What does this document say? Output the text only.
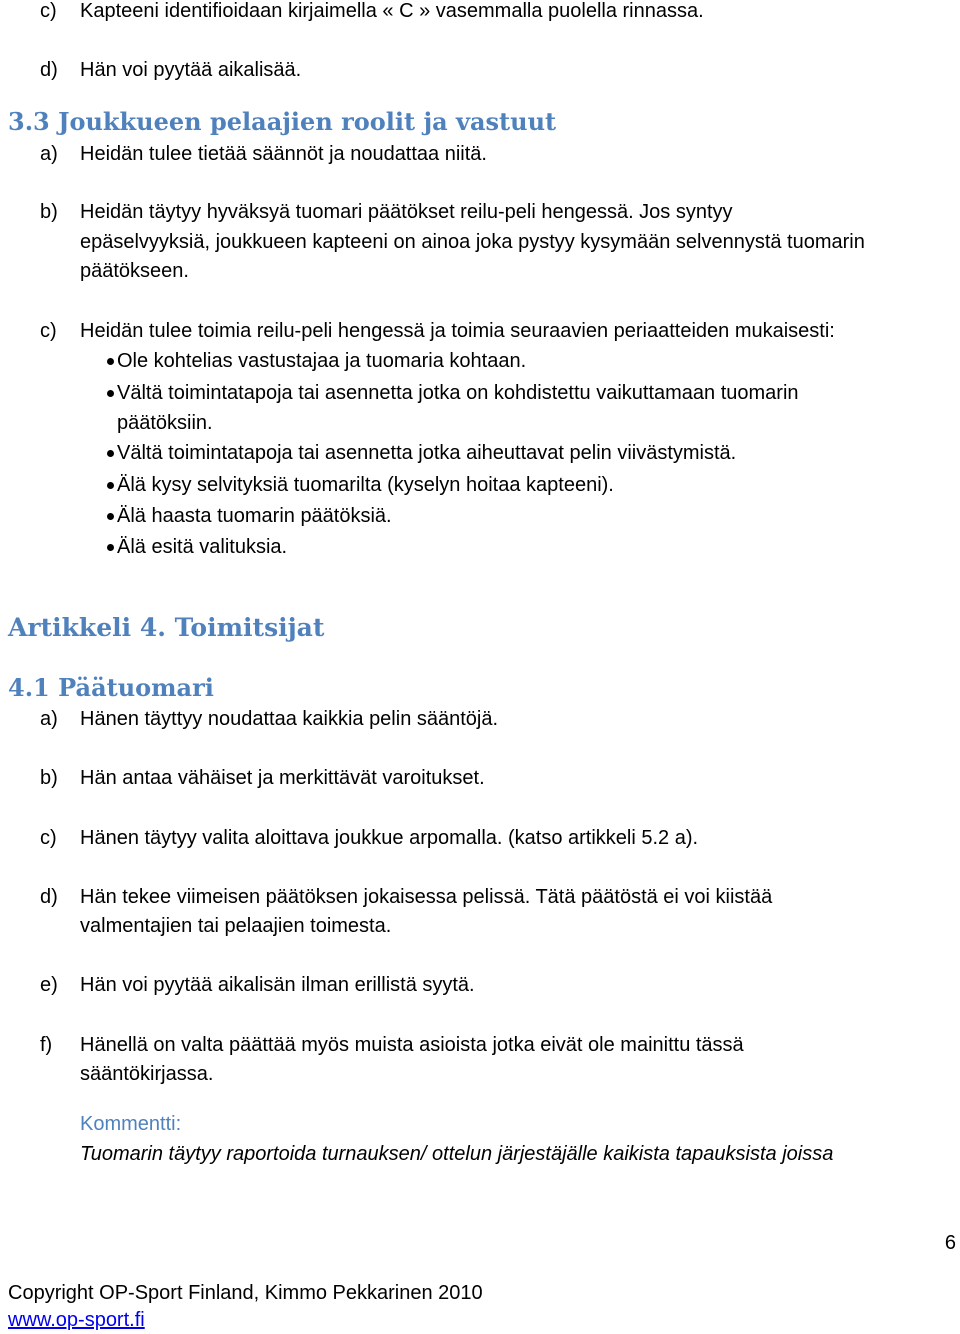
c) Kapteeni identifioidaan kirjaimella « C » vasemmalla puolella rinnassa.
d) Hän voi pyytää aikalisää.
3.3 Joukkueen pelaajien roolit ja vastuut
a) Heidän tulee tietää säännöt ja noudattaa niitä.
b) Heidän täytyy hyväksyä tuomari päätökset reilu-peli hengessä. Jos syntyy
epäselvyyksiä, joukkueen kapteeni on ainoa joka pystyy kysymään selvennystä tuomarin
päätökseen.
c) Heidän tulee toimia reilu-peli hengessä ja toimia seuraavien periaatteiden mukaisesti:
Ole kohtelias vastustajaa ja tuomaria kohtaan.
Vältä toimintatapoja tai asennetta jotka on kohdistettu vaikuttamaan tuomarin
päätöksiin.
Vältä toimintatapoja tai asennetta jotka aiheuttavat pelin viivästymistä.
Älä kysy selvityksiä tuomarilta (kyselyn hoitaa kapteeni).
Älä haasta tuomarin päätöksiä.
Älä esitä valituksia.
Artikkeli 4. Toimitsijat
4.1 Päätuomari
a) Hänen täyttyy noudattaa kaikkia pelin sääntöjä.
b) Hän antaa vähäiset ja merkittävät varoitukset.
c) Hänen täytyy valita aloittava joukkue arpomalla. (katso artikkeli 5.2 a).
d) Hän tekee viimeisen päätöksen jokaisessa pelissä. Tätä päätöstä ei voi kiistää
valmentajien tai pelaajien toimesta.
e) Hän voi pyytää aikalisän ilman erillistä syytä.
f) Hänellä on valta päättää myös muista asioista jotka eivät ole mainittu tässä
sääntökirjassa.
Kommentti:
Tuomarin täytyy raportoida turnauksen/ ottelun järjestäjälle kaikista tapauksista joissa
6
Copyright OP-Sport Finland, Kimmo Pekkarinen 2010
www.op-sport.fi
